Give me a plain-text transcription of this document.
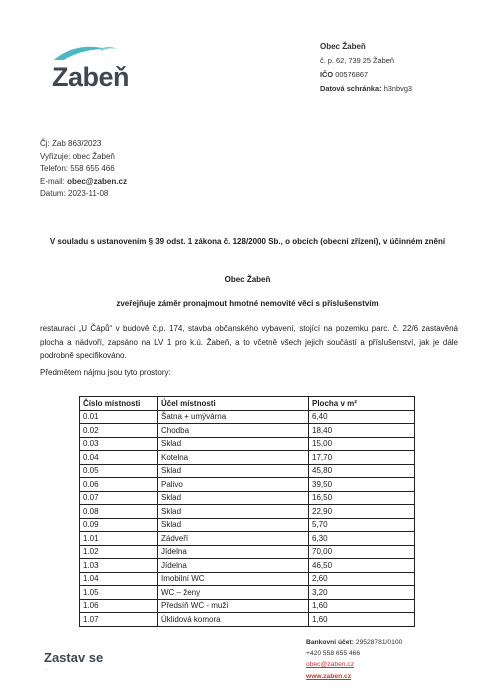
Zabeň
Obec Žabeň
č. p. 62, 739 25 Žabeň
IČO 00576867
Datová schránka: h3nbvg3
Čj: Zab 863/2023
Vyřizuje: obec Žabeň
Telefon: 558 655 466
E-mail: obec@zaben.cz
Datum: 2023-11-08
V souladu s ustanovením § 39 odst. 1 zákona č. 128/2000 Sb., o obcích (obecní zřízení), v účinném znění
Obec Žabeň
zveřejňuje záměr pronajmout hmotné nemovité věci s příslušenstvím
restauraci „U Čápů“ v budově č.p. 174, stavba občanského vybavení, stojící na pozemku parc. č. 22/6 zastavěná plocha a nádvoří, zapsáno na LV 1 pro k.ú. Žabeň, a to včetně všech jejich součástí a příslušenství, jak je dále podrobně specifikováno.
Předmětem nájmu jsou tyto prostory:
Číslo místnosti	Účel místnosti	Plocha v m²
0.01	Šatna + umývárna	6,40
0.02	Chodba	18,40
0.03	Sklad	15,00
0.04	Kotelna	17,70
0.05	Sklad	45,80
0.06	Palivo	39,50
0.07	Sklad	16,50
0.08	Sklad	22,90
0.09	Sklad	5,70
1.01	Zádveří	6,30
1.02	Jídelna	70,00
1.03	Jídelna	46,50
1.04	Imobilní WC	2,60
1.05	WC – ženy	3,20
1.06	Předsíň WC - muži	1,60
1.07	Úklidová komora	1,60
Zastav se
...
Bankovní účet: 29528781/0100
+420 558 655 466
obec@zaben.cz
www.zaben.cz
